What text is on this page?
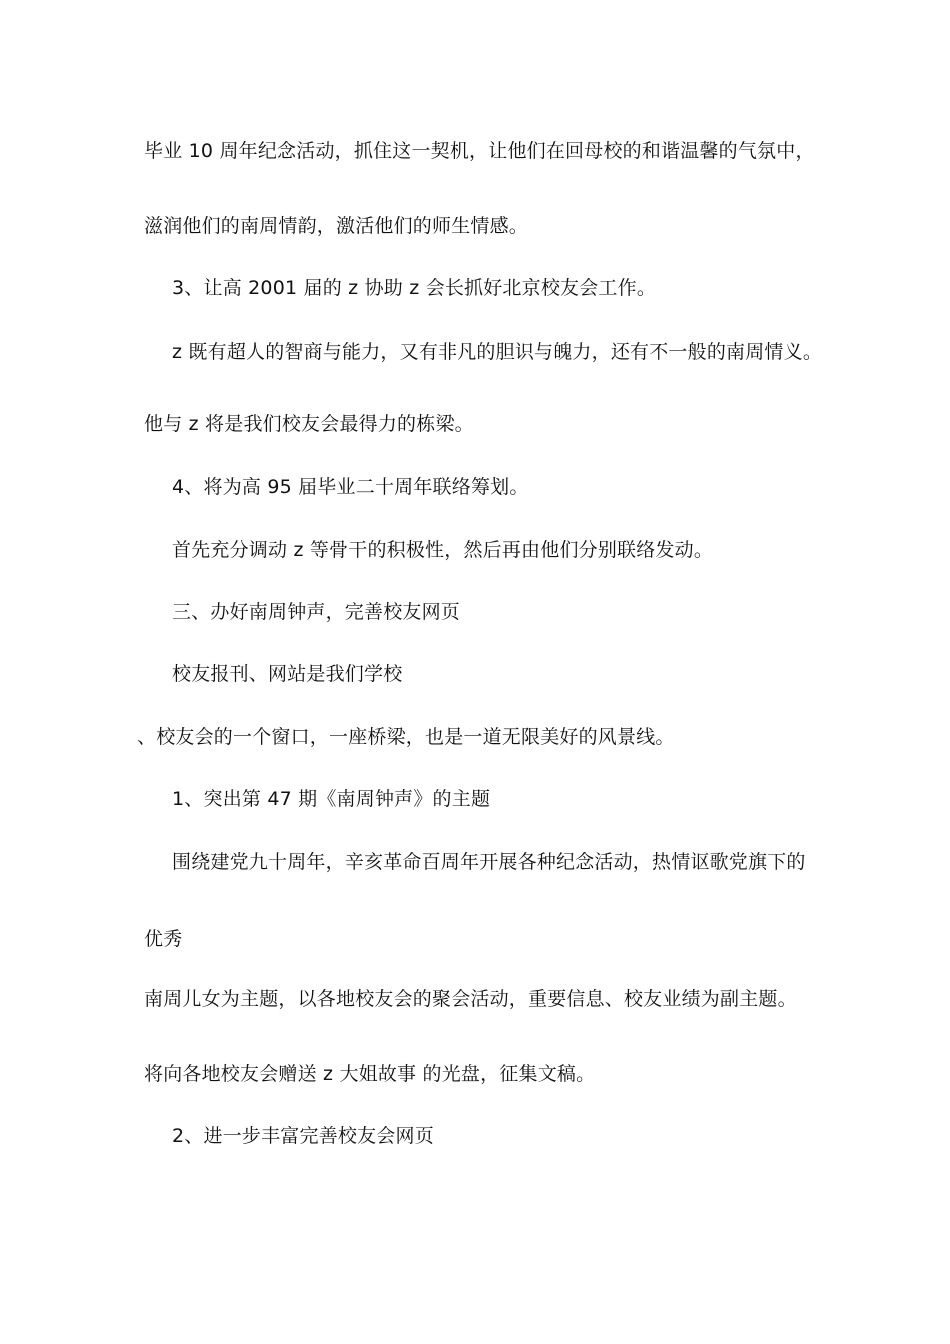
毕业 10 周年纪念活动，抓住这一契机，让他们在回母校的和谐温馨的气氛中，
滋润他们的南周情韵，激活他们的师生情感。
3、让高 2001 届的 z 协助 z 会长抓好北京校友会工作。
z 既有超人的智商与能力，又有非凡的胆识与魄力，还有不一般的南周情义。
他与 z 将是我们校友会最得力的栋梁。
4、将为高 95 届毕业二十周年联络筹划。
首先充分调动 z 等骨干的积极性，然后再由他们分别联络发动。
三、办好南周钟声，完善校友网页
校友报刊、网站是我们学校
、校友会的一个窗口，一座桥梁，也是一道无限美好的风景线。
1、突出第 47 期《南周钟声》的主题
围绕建党九十周年，辛亥革命百周年开展各种纪念活动，热情讴歌党旗下的
优秀
南周儿女为主题，以各地校友会的聚会活动，重要信息、校友业绩为副主题。
将向各地校友会赠送 z 大姐故事 的光盘，征集文稿。
2、进一步丰富完善校友会网页
